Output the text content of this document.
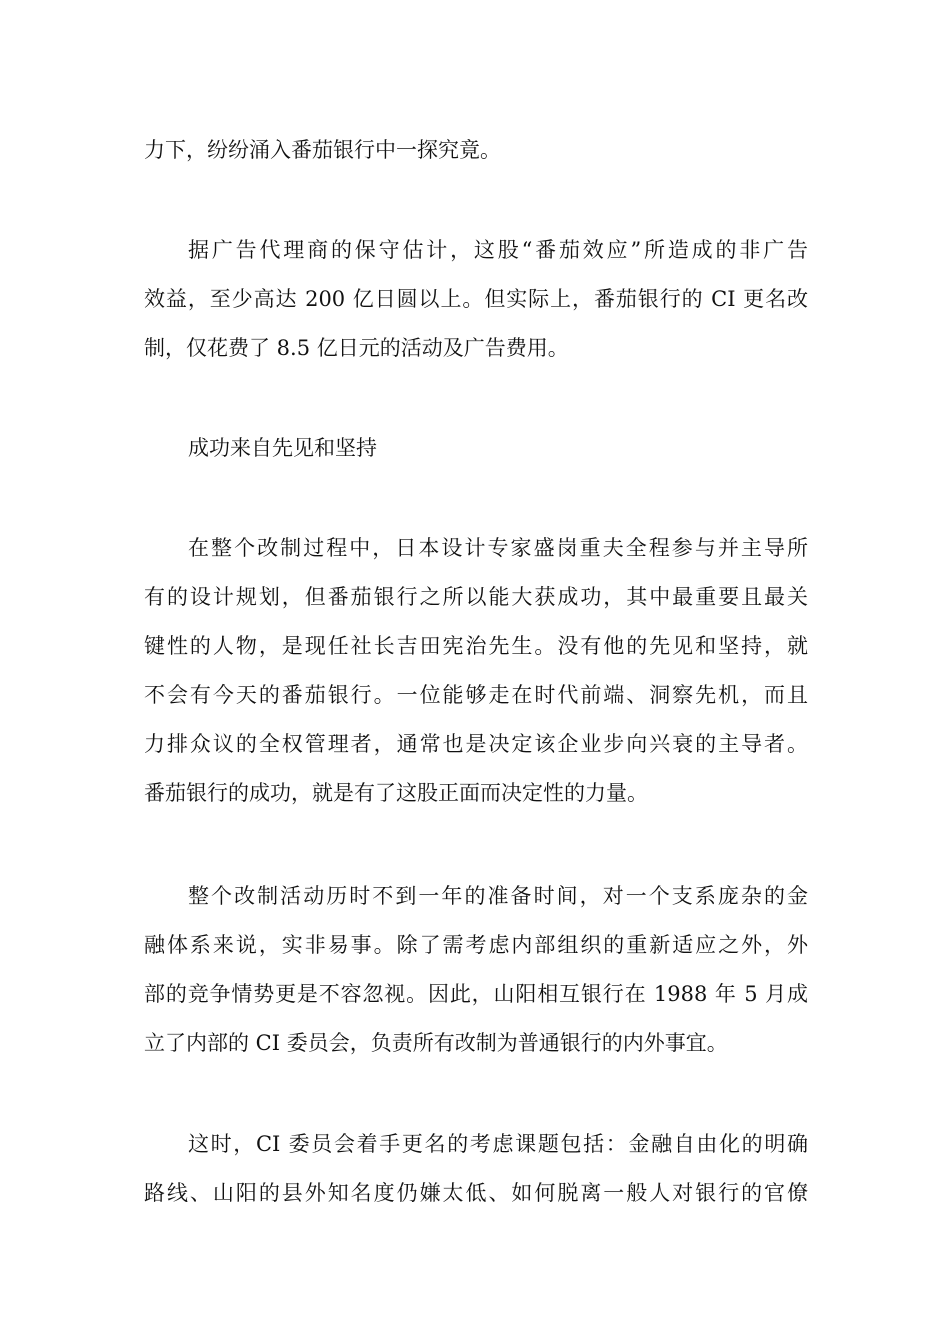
力下，纷纷涌入番茄银行中一探究竟。
据广告代理商的保守估计，这股“番茄效应”所造成的非广告
效益，至少高达 200 亿日圆以上。但实际上，番茄银行的 CI 更名改
制，仅花费了 8.5 亿日元的活动及广告费用。
成功来自先见和坚持
在整个改制过程中，日本设计专家盛岗重夫全程参与并主导所
有的设计规划，但番茄银行之所以能大获成功，其中最重要且最关
键性的人物，是现任社长吉田宪治先生。没有他的先见和坚持，就
不会有今天的番茄银行。一位能够走在时代前端、洞察先机，而且
力排众议的全权管理者，通常也是决定该企业步向兴衰的主导者。
番茄银行的成功，就是有了这股正面而决定性的力量。
整个改制活动历时不到一年的准备时间，对一个支系庞杂的金
融体系来说，实非易事。除了需考虑内部组织的重新适应之外，外
部的竞争情势更是不容忽视。因此，山阳相互银行在 1988 年 5 月成
立了内部的 CI 委员会，负责所有改制为普通银行的内外事宜。
这时，CI 委员会着手更名的考虑课题包括：金融自由化的明确
路线、山阳的县外知名度仍嫌太低、如何脱离一般人对银行的官僚
